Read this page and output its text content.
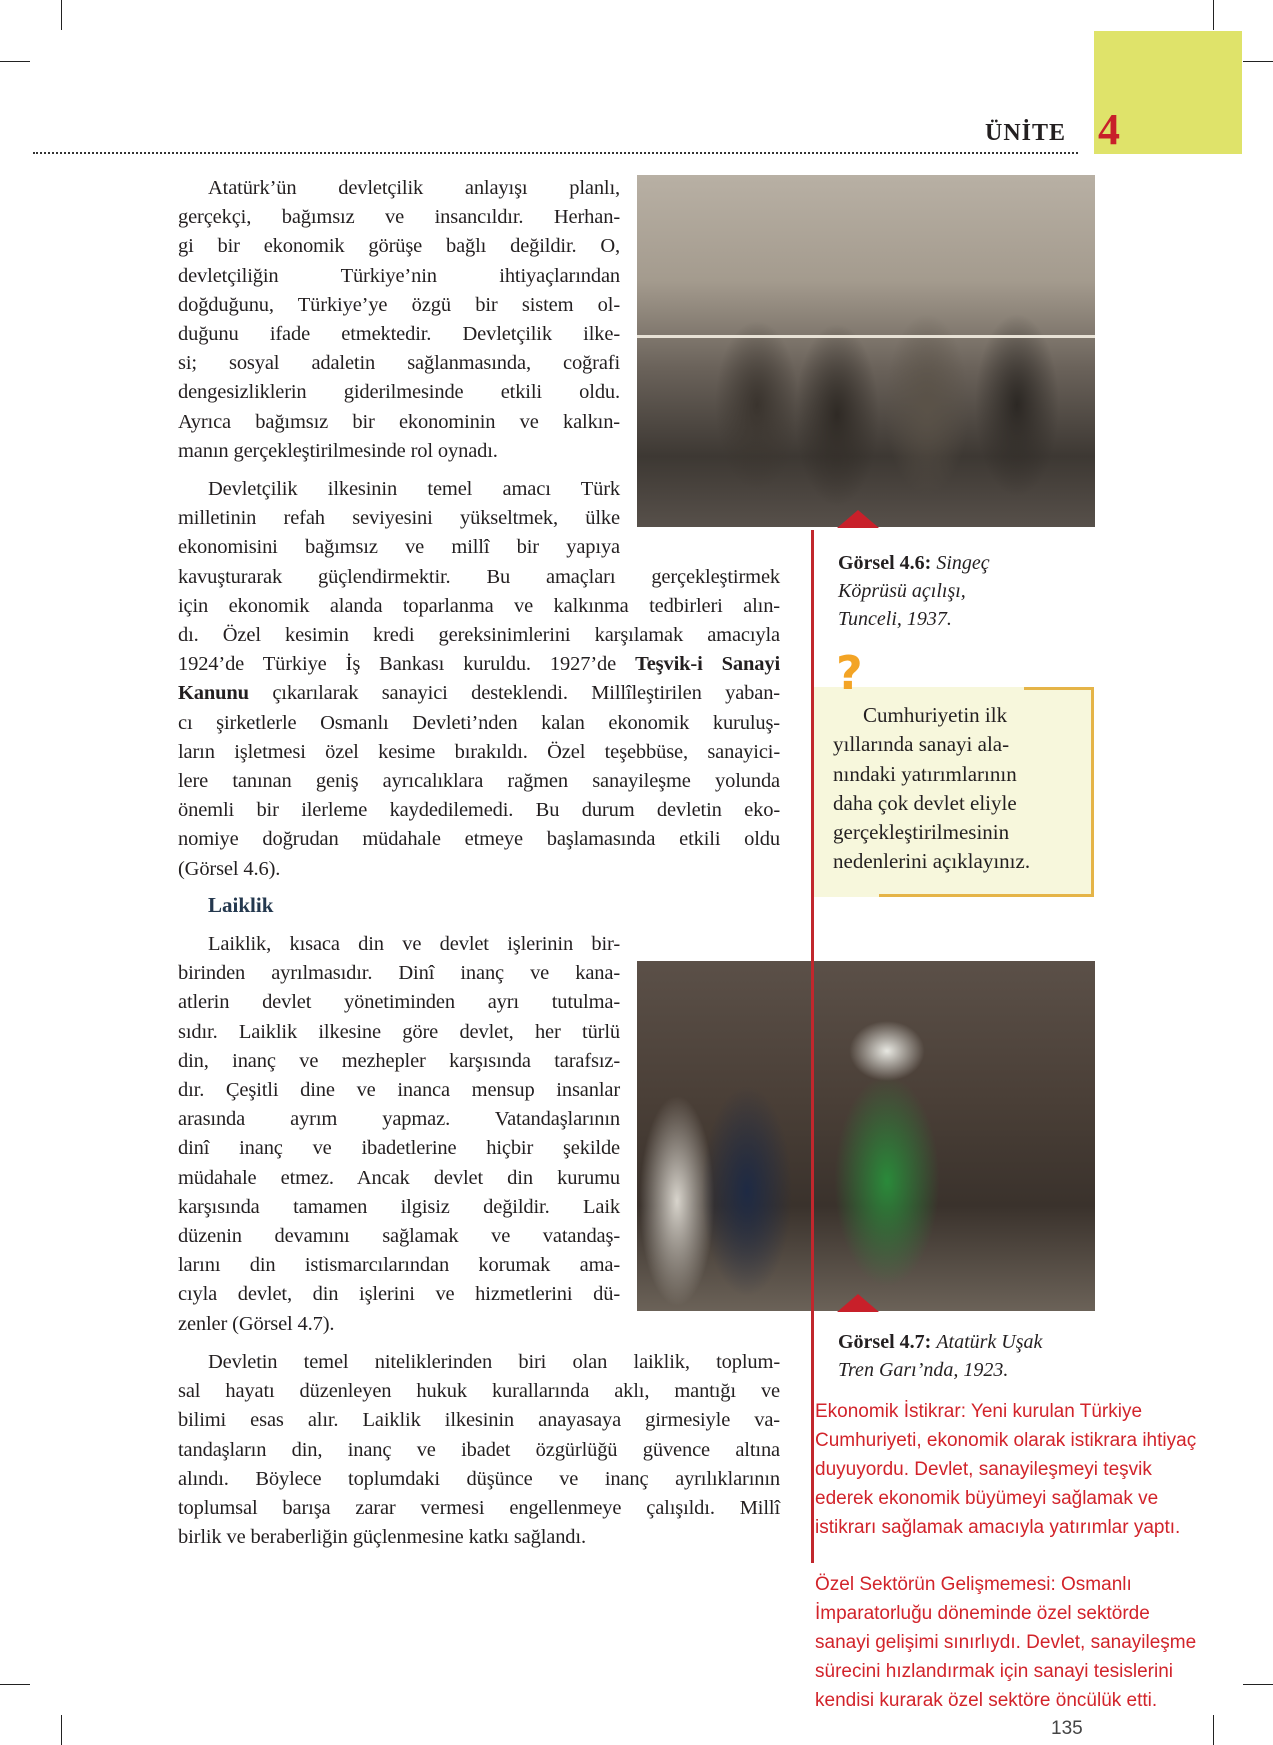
ÜNİTE 4
Atatürk’ün devletçilik anlayışı planlı,
gerçekçi, bağımsız ve insancıldır. Herhan-
gi bir ekonomik görüşe bağlı değildir. O,
devletçiliğin Türkiye’nin ihtiyaçlarından
doğduğunu, Türkiye’ye özgü bir sistem ol-
duğunu ifade etmektedir. Devletçilik ilke-
si; sosyal adaletin sağlanmasında, coğrafi
dengesizliklerin giderilmesinde etkili oldu.
Ayrıca bağımsız bir ekonominin ve kalkın-
manın gerçekleştirilmesinde rol oynadı.
Devletçilik ilkesinin temel amacı Türk
milletinin refah seviyesini yükseltmek, ülke
ekonomisini bağımsız ve millî bir yapıya
kavuşturarak güçlendirmektir. Bu amaçları gerçekleştirmek
için ekonomik alanda toparlanma ve kalkınma tedbirleri alın-
dı. Özel kesimin kredi gereksinimlerini karşılamak amacıyla
1924’de Türkiye İş Bankası kuruldu. 1927’de Teşvik-i Sanayi
Kanunu çıkarılarak sanayici desteklendi. Millîleştirilen yaban-
cı şirketlerle Osmanlı Devleti’nden kalan ekonomik kuruluş-
ların işletmesi özel kesime bırakıldı. Özel teşebbüse, sanayici-
lere tanınan geniş ayrıcalıklara rağmen sanayileşme yolunda
önemli bir ilerleme kaydedilemedi. Bu durum devletin eko-
nomiye doğrudan müdahale etmeye başlamasında etkili oldu
(Görsel 4.6).
Laiklik
Laiklik, kısaca din ve devlet işlerinin bir-
birinden ayrılmasıdır. Dinî inanç ve kana-
atlerin devlet yönetiminden ayrı tutulma-
sıdır. Laiklik ilkesine göre devlet, her türlü
din, inanç ve mezhepler karşısında tarafsız-
dır. Çeşitli dine ve inanca mensup insanlar
arasında ayrım yapmaz. Vatandaşlarının
dinî inanç ve ibadetlerine hiçbir şekilde
müdahale etmez. Ancak devlet din kurumu
karşısında tamamen ilgisiz değildir. Laik
düzenin devamını sağlamak ve vatandaş-
larını din istismarcılarından korumak ama-
cıyla devlet, din işlerini ve hizmetlerini dü-
zenler (Görsel 4.7).
Devletin temel niteliklerinden biri olan laiklik, toplum-
sal hayatı düzenleyen hukuk kurallarında aklı, mantığı ve
bilimi esas alır. Laiklik ilkesinin anayasaya girmesiyle va-
tandaşların din, inanç ve ibadet özgürlüğü güvence altına
alındı. Böylece toplumdaki düşünce ve inanç ayrılıklarının
toplumsal barışa zarar vermesi engellenmeye çalışıldı. Millî
birlik ve beraberliğin güçlenmesine katkı sağlandı.
Görsel 4.6: Singeç
Köprüsü açılışı,
Tunceli, 1937.
Görsel 4.7: Atatürk Uşak
Tren Garı’nda, 1923.
?
Cumhuriyetin ilk
yıllarında sanayi ala-
nındaki yatırımlarının
daha çok devlet eliyle
gerçekleştirilmesinin
nedenlerini açıklayınız.
Ekonomik İstikrar: Yeni kurulan Türkiye
Cumhuriyeti, ekonomik olarak istikrara ihtiyaç
duyuyordu. Devlet, sanayileşmeyi teşvik
ederek ekonomik büyümeyi sağlamak ve
istikrarı sağlamak amacıyla yatırımlar yaptı.
Özel Sektörün Gelişmemesi: Osmanlı
İmparatorluğu döneminde özel sektörde
sanayi gelişimi sınırlıydı. Devlet, sanayileşme
sürecini hızlandırmak için sanayi tesislerini
kendisi kurarak özel sektöre öncülük etti.
135
